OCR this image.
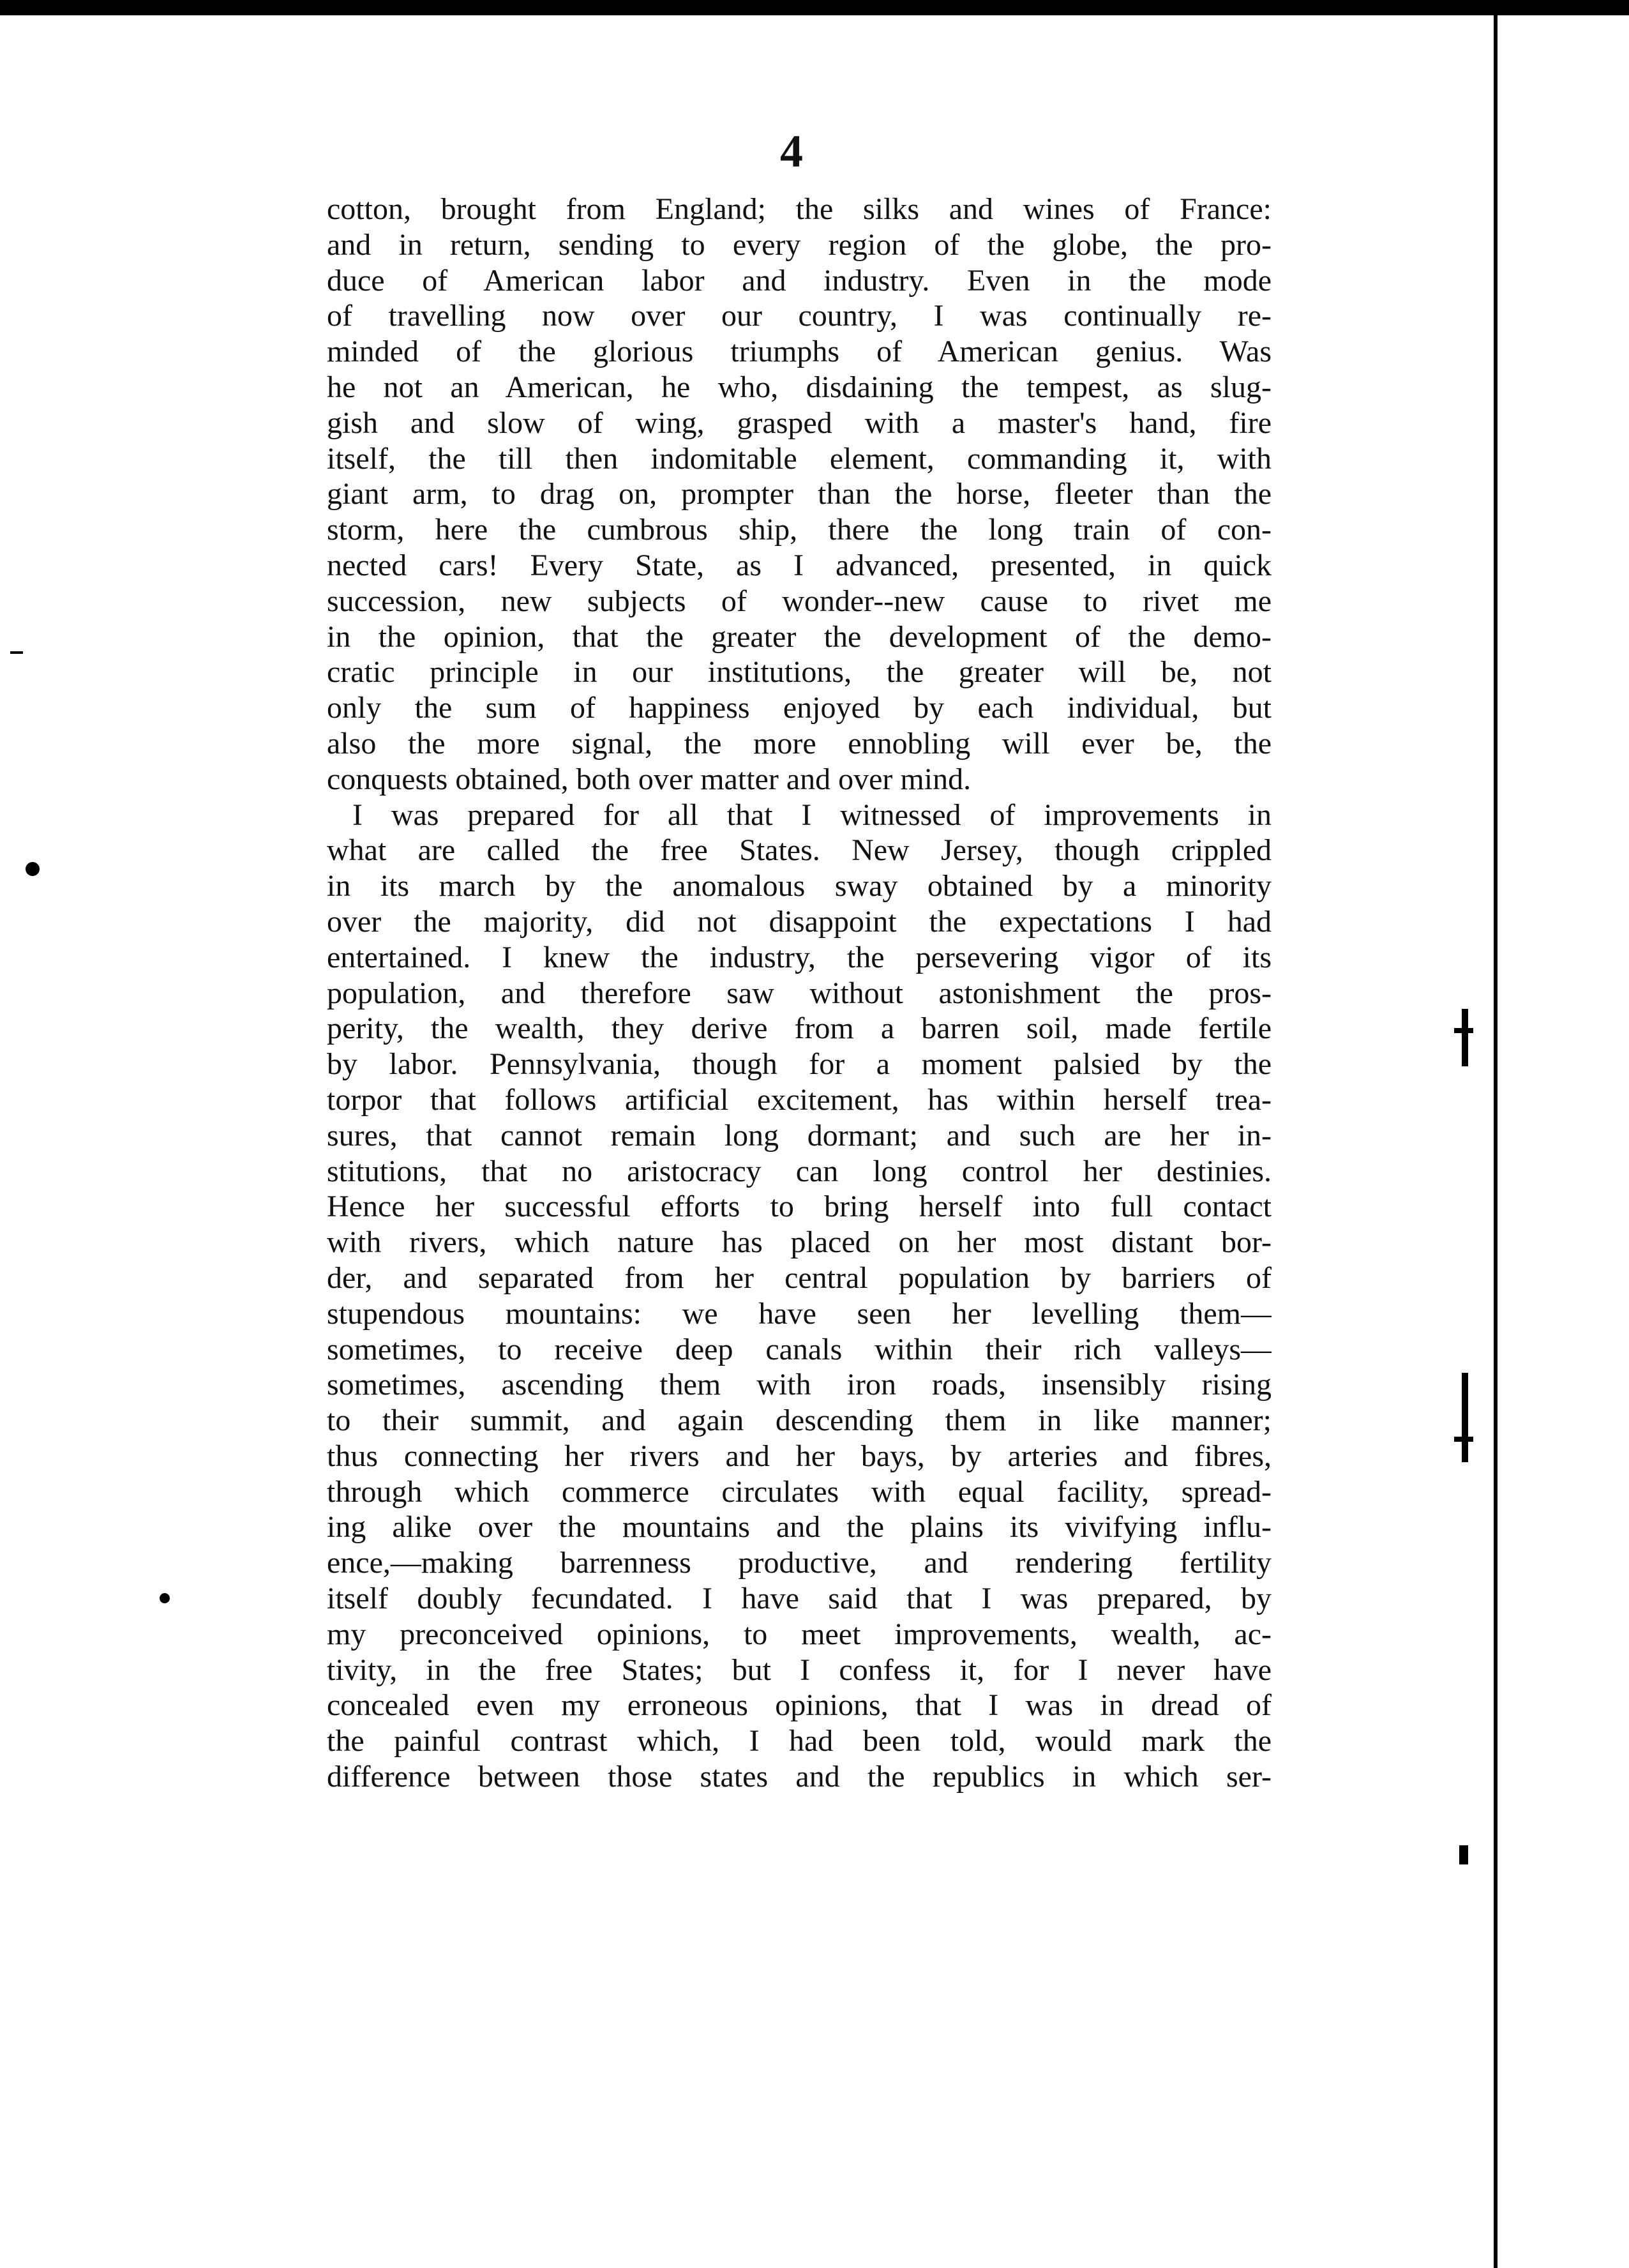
4
cotton, brought from England; the silks and wines of France:
and in return, sending to every region of the globe, the pro-
duce of American labor and industry. Even in the mode
of travelling now over our country, I was continually re-
minded of the glorious triumphs of American genius. Was
he not an American, he who, disdaining the tempest, as slug-
gish and slow of wing, grasped with a master's hand, fire
itself, the till then indomitable element, commanding it, with
giant arm, to drag on, prompter than the horse, fleeter than the
storm, here the cumbrous ship, there the long train of con-
nected cars! Every State, as I advanced, presented, in quick
succession, new subjects of wonder--new cause to rivet me
in the opinion, that the greater the development of the demo-
cratic principle in our institutions, the greater will be, not
only the sum of happiness enjoyed by each individual, but
also the more signal, the more ennobling will ever be, the
conquests obtained, both over matter and over mind.
I was prepared for all that I witnessed of improvements in
what are called the free States. New Jersey, though crippled
in its march by the anomalous sway obtained by a minority
over the majority, did not disappoint the expectations I had
entertained. I knew the industry, the persevering vigor of its
population, and therefore saw without astonishment the pros-
perity, the wealth, they derive from a barren soil, made fertile
by labor. Pennsylvania, though for a moment palsied by the
torpor that follows artificial excitement, has within herself trea-
sures, that cannot remain long dormant; and such are her in-
stitutions, that no aristocracy can long control her destinies.
Hence her successful efforts to bring herself into full contact
with rivers, which nature has placed on her most distant bor-
der, and separated from her central population by barriers of
stupendous mountains: we have seen her levelling them—
sometimes, to receive deep canals within their rich valleys—
sometimes, ascending them with iron roads, insensibly rising
to their summit, and again descending them in like manner;
thus connecting her rivers and her bays, by arteries and fibres,
through which commerce circulates with equal facility, spread-
ing alike over the mountains and the plains its vivifying influ-
ence,—making barrenness productive, and rendering fertility
itself doubly fecundated. I have said that I was prepared, by
my preconceived opinions, to meet improvements, wealth, ac-
tivity, in the free States; but I confess it, for I never have
concealed even my erroneous opinions, that I was in dread of
the painful contrast which, I had been told, would mark the
difference between those states and the republics in which ser-
